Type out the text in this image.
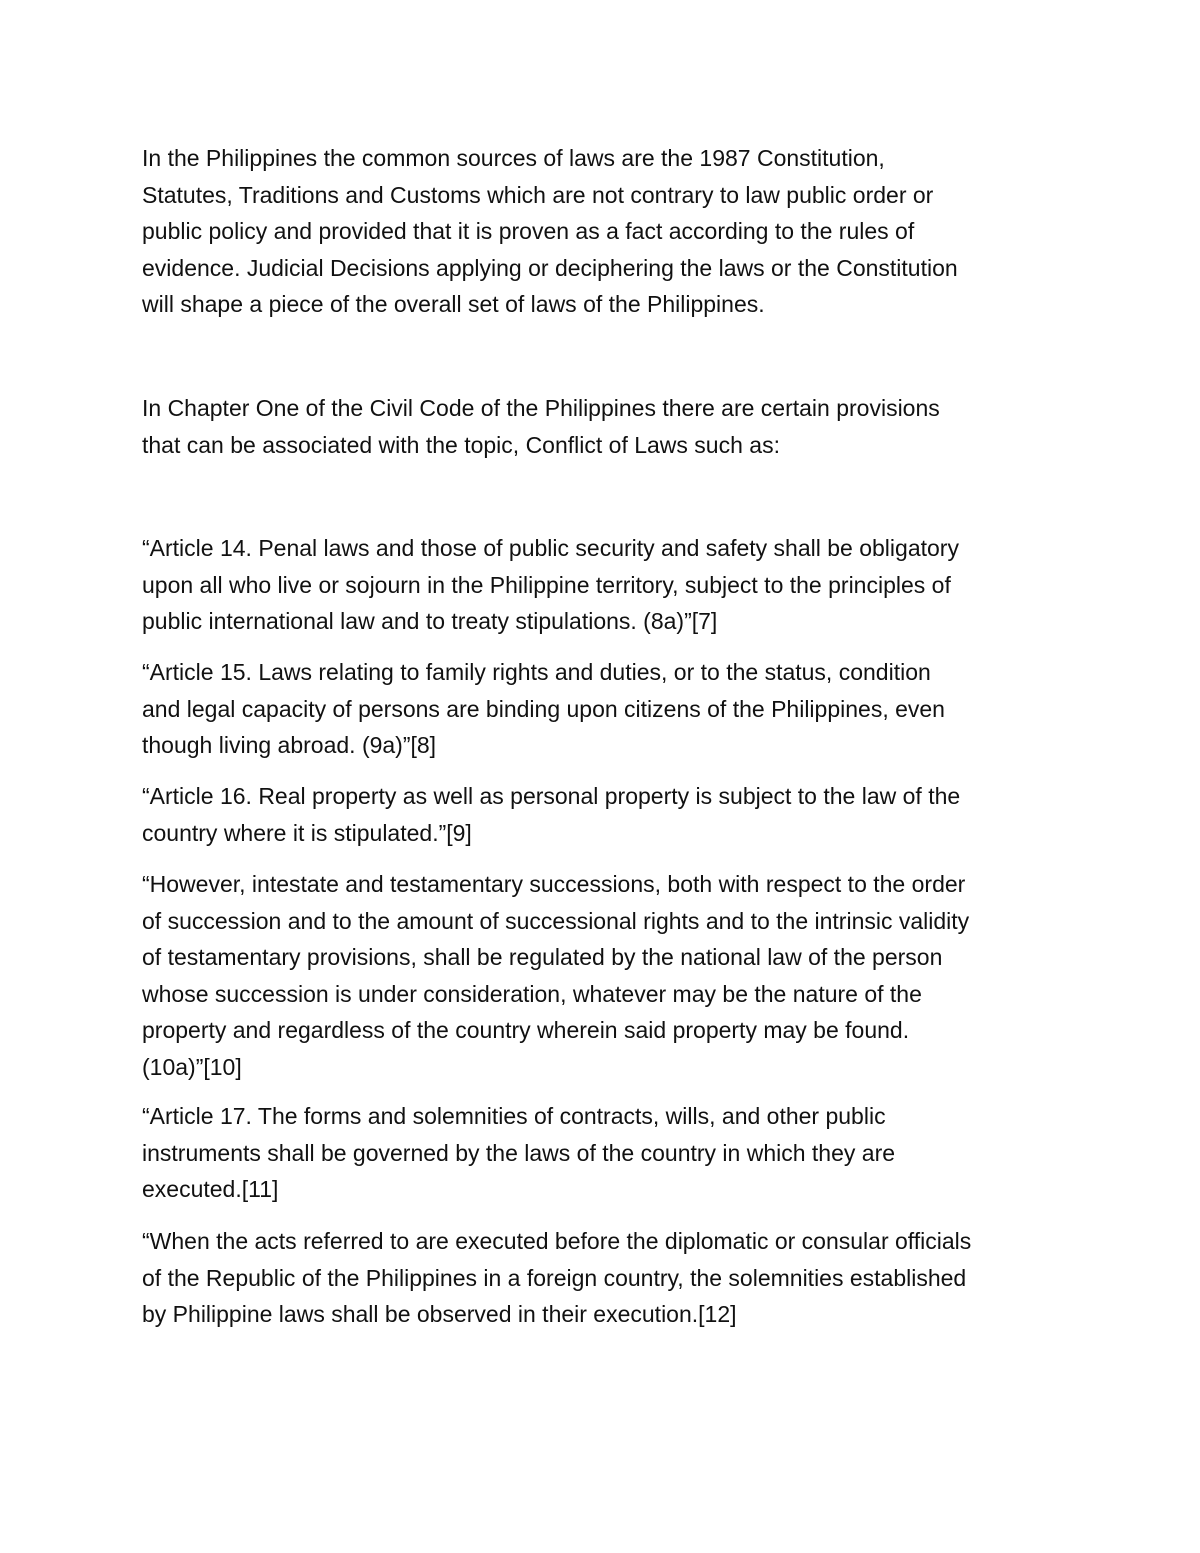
In the Philippines the common sources of laws are the 1987 Constitution,
Statutes, Traditions and Customs which are not contrary to law public order or
public policy and provided that it is proven as a fact according to the rules of
evidence. Judicial Decisions applying or deciphering the laws or the Constitution
will shape a piece of the overall set of laws of the Philippines.

In Chapter One of the Civil Code of the Philippines there are certain provisions
that can be associated with the topic, Conflict of Laws such as:

“Article 14. Penal laws and those of public security and safety shall be obligatory
upon all who live or sojourn in the Philippine territory, subject to the principles of
public international law and to treaty stipulations. (8a)”[7]

“Article 15. Laws relating to family rights and duties, or to the status, condition
and legal capacity of persons are binding upon citizens of the Philippines, even
though living abroad. (9a)”[8]

“Article 16. Real property as well as personal property is subject to the law of the
country where it is stipulated.”[9]

“However, intestate and testamentary successions, both with respect to the order
of succession and to the amount of successional rights and to the intrinsic validity
of testamentary provisions, shall be regulated by the national law of the person
whose succession is under consideration, whatever may be the nature of the
property and regardless of the country wherein said property may be found.
(10a)”[10]

“Article 17. The forms and solemnities of contracts, wills, and other public
instruments shall be governed by the laws of the country in which they are
executed.[11]

“When the acts referred to are executed before the diplomatic or consular officials
of the Republic of the Philippines in a foreign country, the solemnities established
by Philippine laws shall be observed in their execution.[12]
